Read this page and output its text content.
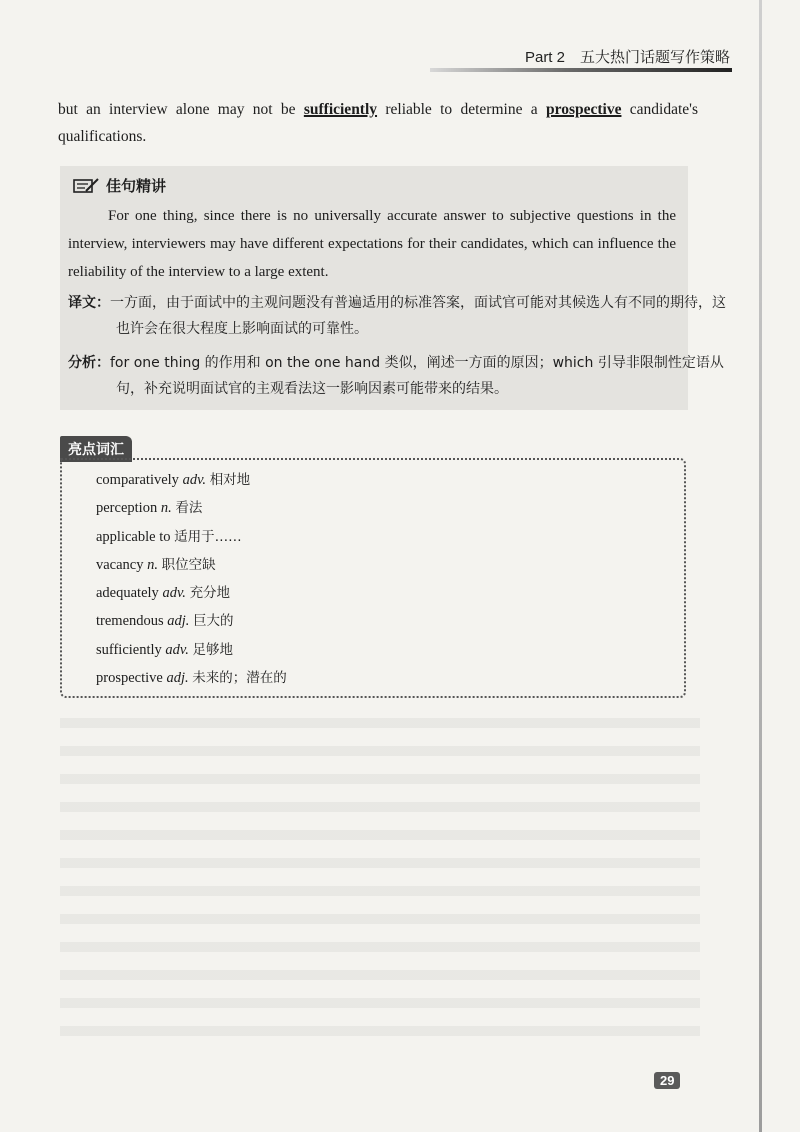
Part 2　五大热门话题写作策略
but an interview alone may not be sufficiently reliable to determine a prospective candidate's qualifications.
佳句精讲
For one thing, since there is no universally accurate answer to subjective questions in the interview, interviewers may have different expectations for their candidates, which can influence the reliability of the interview to a large extent.
译文：一方面，由于面试中的主观问题没有普遍适用的标准答案，面试官可能对其候选人有不同的期待，这也许会在很大程度上影响面试的可靠性。
分析：for one thing 的作用和 on the one hand 类似，阐述一方面的原因；which 引导非限制性定语从句，补充说明面试官的主观看法这一影响因素可能带来的结果。
亮点词汇
comparatively adv. 相对地
perception n. 看法
applicable to 适用于……
vacancy n. 职位空缺
adequately adv. 充分地
tremendous adj. 巨大的
sufficiently adv. 足够地
prospective adj. 未来的；潜在的
29
